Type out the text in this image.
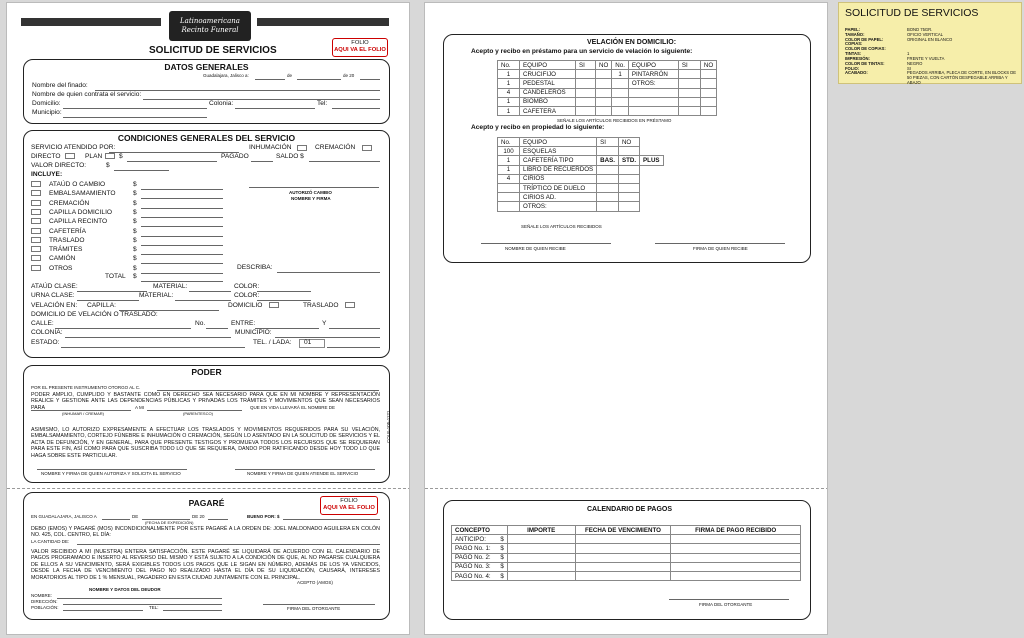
Latinoamericana
Recinto Funeral
SOLICITUD DE SERVICIOS
FOLIO
AQUI VA EL FOLIO
DATOS GENERALES
Guadalajara, Jalisco a:	de	de 20
Nombre del finado:
Nombre de quien contrata el servicio:
Domicilio:	Colonia:	Tel:
Municipio:
CONDICIONES GENERALES DEL SERVICIO
SERVICIO ATENDIDO POR:	INHUMACIÓN	CREMACIÓN
DIRECTO	PLAN	$	PAGADO	SALDO $
VALOR DIRECTO:	$
INCLUYE:
AUTORIZÓ CAMBIO
NOMBRE Y FIRMA
TOTAL $
DESCRIBA:
ATAÚD CLASE:	MATERIAL:	COLOR:
URNA CLASE:	MATERIAL:	COLOR:
VELACIÓN EN: CAPILLA:	DOMICILIO	TRASLADO
DOMICILIO DE VELACIÓN O TRASLADO:
CALLE:	No.	ENTRE:	Y
COLONIA:	MUNICIPIO:
ESTADO:	TEL. / LADA:	01
PODER
POR EL PRESENTE INSTRUMENTO OTORGO AL C.
PODER AMPLIO, CUMPLIDO Y BASTANTE COMO EN DERECHO SEA NECESARIO PARA QUE EN MI NOMBRE Y REPRESENTACIÓN REALICE Y GESTIONE ANTE LAS DEPENDENCIAS PÚBLICAS Y PRIVADAS LOS TRÁMITES Y MOVIMIENTOS QUE SEAN NECESARIOS PARA	A MI	QUE EN VIDA LLEVARÁ EL NOMBRE DE
(INHUMAR / CREMAR)	(PARENTESCO)
ASIMISMO, LO AUTORIZO EXPRESAMENTE A EFECTUAR LOS TRASLADOS Y MOVIMIENTOS REQUERIDOS PARA SU VELACIÓN, EMBALSAMAMIENTO, CORTEJO FÚNEBRE E INHUMACIÓN O CREMACIÓN, SEGÚN LO ASENTADO EN LA SOLICITUD DE SERVICIOS Y EL ACTA DE DEFUNCIÓN, Y EN GENERAL, PARA QUE PRESENTE TESTIGOS Y PROMUEVA TODOS LOS RECURSOS QUE SE REQUIERAN PARA ESTE FIN, ASÍ COMO PARA QUE SUSCRIBA TODO LO QUE SE REQUIERA, DANDO POR RATIFICANDO DESDE HOY TODO LO QUE HAGA SOBRE ESTE PARTICULAR.
NOMBRE Y FIRMA DE QUIEN AUTORIZA Y SOLICITA EL SERVICIO	NOMBRE Y FIRMA DE QUIEN ATIENDE EL SERVICIO
COLE-105-1121
PAGARÉ	FOLIO
AQUI VA EL FOLIO
EN GUADALAJARA, JALISCO A	DE	DE 20
(FECHA DE EXPEDICIÓN)
BUENO POR: $
DEBO (EMOS) Y PAGARÉ (MOS) INCONDICIONALMENTE POR ESTE PAGARÉ A LA ORDEN DE: JOEL MALDONADO AGUILERA EN COLÓN NO. 425, COL. CENTRO, EL DÍA:
LA CANTIDAD DE:
VALOR RECIBIDO A MI (NUESTRA) ENTERA SATISFACCIÓN. ESTE PAGARÉ SE LIQUIDARÁ DE ACUERDO CON EL CALENDARIO DE PAGOS PROGRAMADO E INSERTO AL REVERSO DEL MISMO Y ESTÁ SUJETO A LA CONDICIÓN DE QUE, AL NO PAGARSE CUALQUIERA DE ELLOS A SU VENCIMIENTO, SERÁ EXIGIBLES TODOS LOS PAGOS QUE LE SIGAN EN NÚMERO, ADEMÁS DE LOS YA VENCIDOS, DESDE LA FECHA DE VENCIMIENTO DEL PAGO NO REALIZADO HASTA EL DÍA DE SU LIQUIDACIÓN, CAUSARÁ, INTERESES MORATORIOS AL TIPO DE 1 % MENSUAL, PAGADERO EN ESTA CIUDAD JUNTAMENTE CON EL PRINCIPAL.
ACEPTO (AMOS)
NOMBRE Y DATOS DEL DEUDOR
NOMBRE:
DIRECCIÓN:
POBLACIÓN:	TEL:	FIRMA DEL OTORGANTE
ATAÚD O CAMBIO	$
EMBALSAMAMIENTO	$
CREMACIÓN	$
CAPILLA DOMICILIO	$
CAPILLA RECINTO	$
CAFETERÍA	$
TRASLADO	$
TRÁMITES	$
CAMIÓN	$
OTROS	$
VELACIÓN EN DOMICILIO:
Acepto y recibo en préstamo para un servicio de velación lo siguiente:
No.	EQUIPO	SI	NO	No.	EQUIPO	SI	NO
1	CRUCIFIJO			1	PINTARRÓN		
1	PEDESTAL				OTROS:		
4	CANDELEROS						
1	BIOMBO						
1	CAFETERA						
SEÑALE LOS ARTÍCULOS RECIBIDOS EN PRÉSTAMO
Acepto y recibo en propiedad lo siguiente:
No.	EQUIPO	SI	NO	
100	ESQUELAS			
1	CAFETERÍA TIPO	BAS.	STD.	PLUS
1	LIBRO DE RECUERDOS			
4	CIRIOS			
	TRÍPTICO DE DUELO			
	CIRIOS AD.			
	OTROS:			
SEÑALE LOS ARTÍCULOS RECIBIDOS
NOMBRE DE QUIEN RECIBE	FIRMA DE QUIEN RECIBE
CALENDARIO DE PAGOS
CONCEPTO	IMPORTE	FECHA DE VENCIMIENTO	FIRMA DE PAGO RECIBIDO
ANTICIPO: $			

PAGO No. 1: $			

PAGO No. 2: $			

PAGO No. 3: $			

PAGO No. 4: $			

FIRMA DEL OTORGANTE
SOLICITUD DE SERVICIOS
PAPEL:	BOND 75GR.
TAMAÑO:	OFICIO VERTICAL
COLOR DE PAPEL:	ORIGINAL EN BLANCO
COPIAS:
COLOR DE COPIAS:
TINTAS:	1
IMPRESIÓN:	FRENTE Y VUELTA
COLOR DE TINTAS:	NEGRO
FOLIO:	SI
ACABADO:	PEGADOS ARRIBA, PLECA DE CORTE, EN BLOCKS DE 50 PIEZAS, CON CARTÓN DESPEGABLE ARRIBA Y ABAJO
